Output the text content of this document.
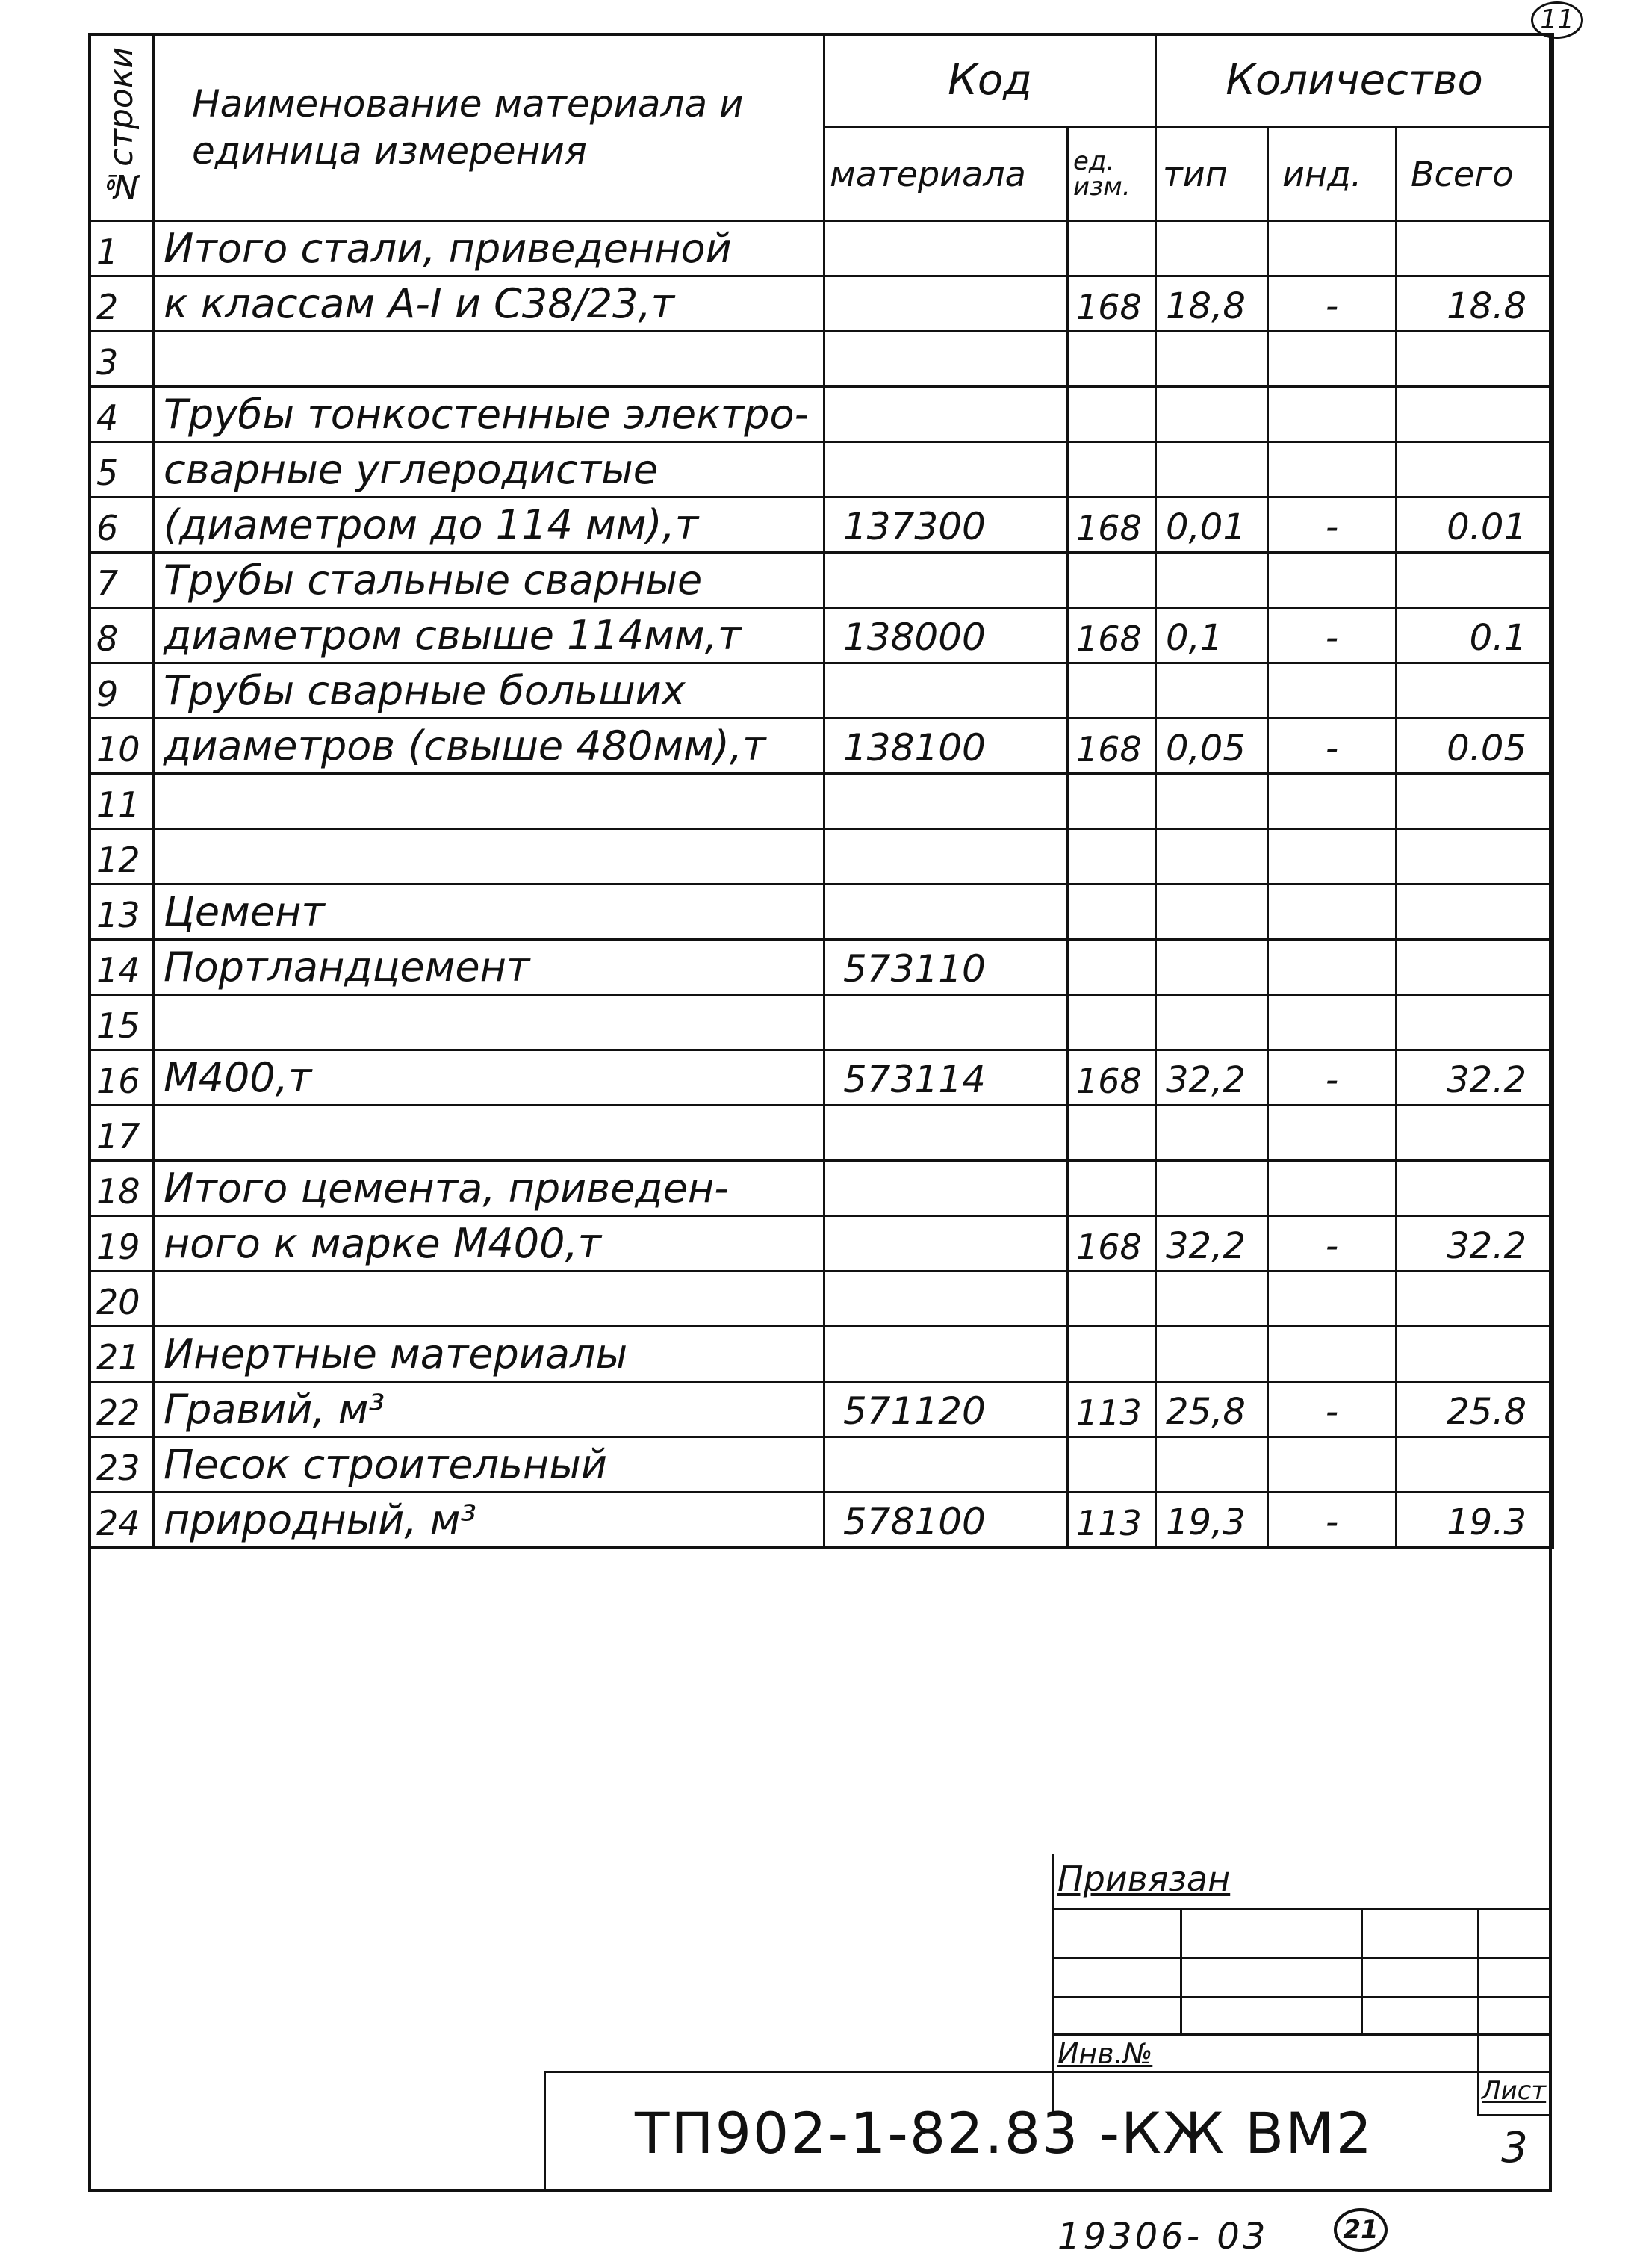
11
№строки	Наименование материала и единица измерения	Код		Количество		
		материала	ед. изм.	тип	инд.	Всего
1	Итого стали, приведенной					
2	к классам А-I и С38/23,т		168	18,8	-	18.8
3						
4	Трубы тонкостенные электро-					
5	сварные углеродистые					
6	(диаметром до 114 мм),т	137300	168	0,01	-	0.01
7	Трубы стальные сварные					
8	диаметром свыше 114мм,т	138000	168	0,1	-	0.1
9	Трубы сварные больших					
10	диаметров (свыше 480мм),т	138100	168	0,05	-	0.05
11						
12						
13	Цемент					
14	Портландцемент	573110				
15						
16	М400,т	573114	168	32,2	-	32.2
17						
18	Итого цемента, приведен-					
19	ного к марке М400,т		168	32,2	-	32.2
20						
21	Инертные материалы					
22	Гравий, м³	571120	113	25,8	-	25.8
23	Песок строительный					
24	природный, м³	578100	113	19,3	-	19.3
Привязан
Инв.№
ТП902-1-82.83 -КЖ ВМ2
Лист
3
19306- 03	21
